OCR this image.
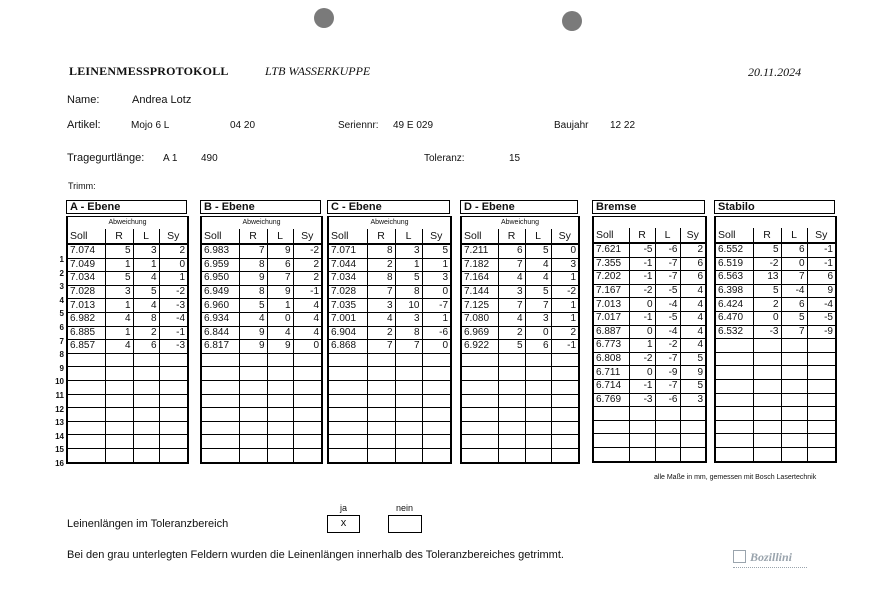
LEINENMESSPROTOKOLL	LTB WASSERKUPPE	20.11.2024
Name:	Andrea Lotz
Artikel:	Mojo 6 L	04 20	Seriennr: 49 E 029	Baujahr 12 22
Tragegurtlänge: A 1 490	Toleranz:	15
Trimm:
1
2
3
4
5
6
7
8
9
10
11
12
13
14
15
16
A - Ebene
Abweichung			
Soll	R	L	Sy
7.074	5	3	2
7.049	1	1	0
7.034	5	4	1
7.028	3	5	-2
7.013	1	4	-3
6.982	4	8	-4
6.885	1	2	-1
6.857	4	6	-3

B - Ebene
Abweichung			
Soll	R	L	Sy
6.983	7	9	-2
6.959	8	6	2
6.950	9	7	2
6.949	8	9	-1
6.960	5	1	4
6.934	4	0	4
6.844	9	4	4
6.817	9	9	0

C - Ebene
Abweichung			
Soll	R	L	Sy
7.071	8	3	5
7.044	2	1	1
7.034	8	5	3
7.028	7	8	0
7.035	3	10	-7
7.001	4	3	1
6.904	2	8	-6
6.868	7	7	0

D - Ebene
Abweichung			
Soll	R	L	Sy
7.211	6	5	0
7.182	7	4	3
7.164	4	4	1
7.144	3	5	-2
7.125	7	7	1
7.080	4	3	1
6.969	2	0	2
6.922	5	6	-1

Bremse

Soll	R	L	Sy
7.621	-5	-6	2
7.355	-1	-7	6
7.202	-1	-7	6
7.167	-2	-5	4
7.013	0	-4	4
7.017	-1	-5	4
6.887	0	-4	4
6.773	1	-2	4
6.808	-2	-7	5
6.711	0	-9	9
6.714	-1	-7	5
6.769	-3	-6	3

Stabilo

Soll	R	L	Sy
6.552	5	6	-1
6.519	-2	0	-1
6.563	13	7	6
6.398	5	-4	9
6.424	2	6	-4
6.470	0	5	-5
6.532	-3	7	-9

alle Maße in mm, gemessen mit Bosch Lasertechnik
ja	nein
Leinenlängen im Toleranzbereich	x
Bei den grau unterlegten Feldern wurden die Leinenlängen innerhalb des Toleranzbereiches getrimmt.	Bozillini
